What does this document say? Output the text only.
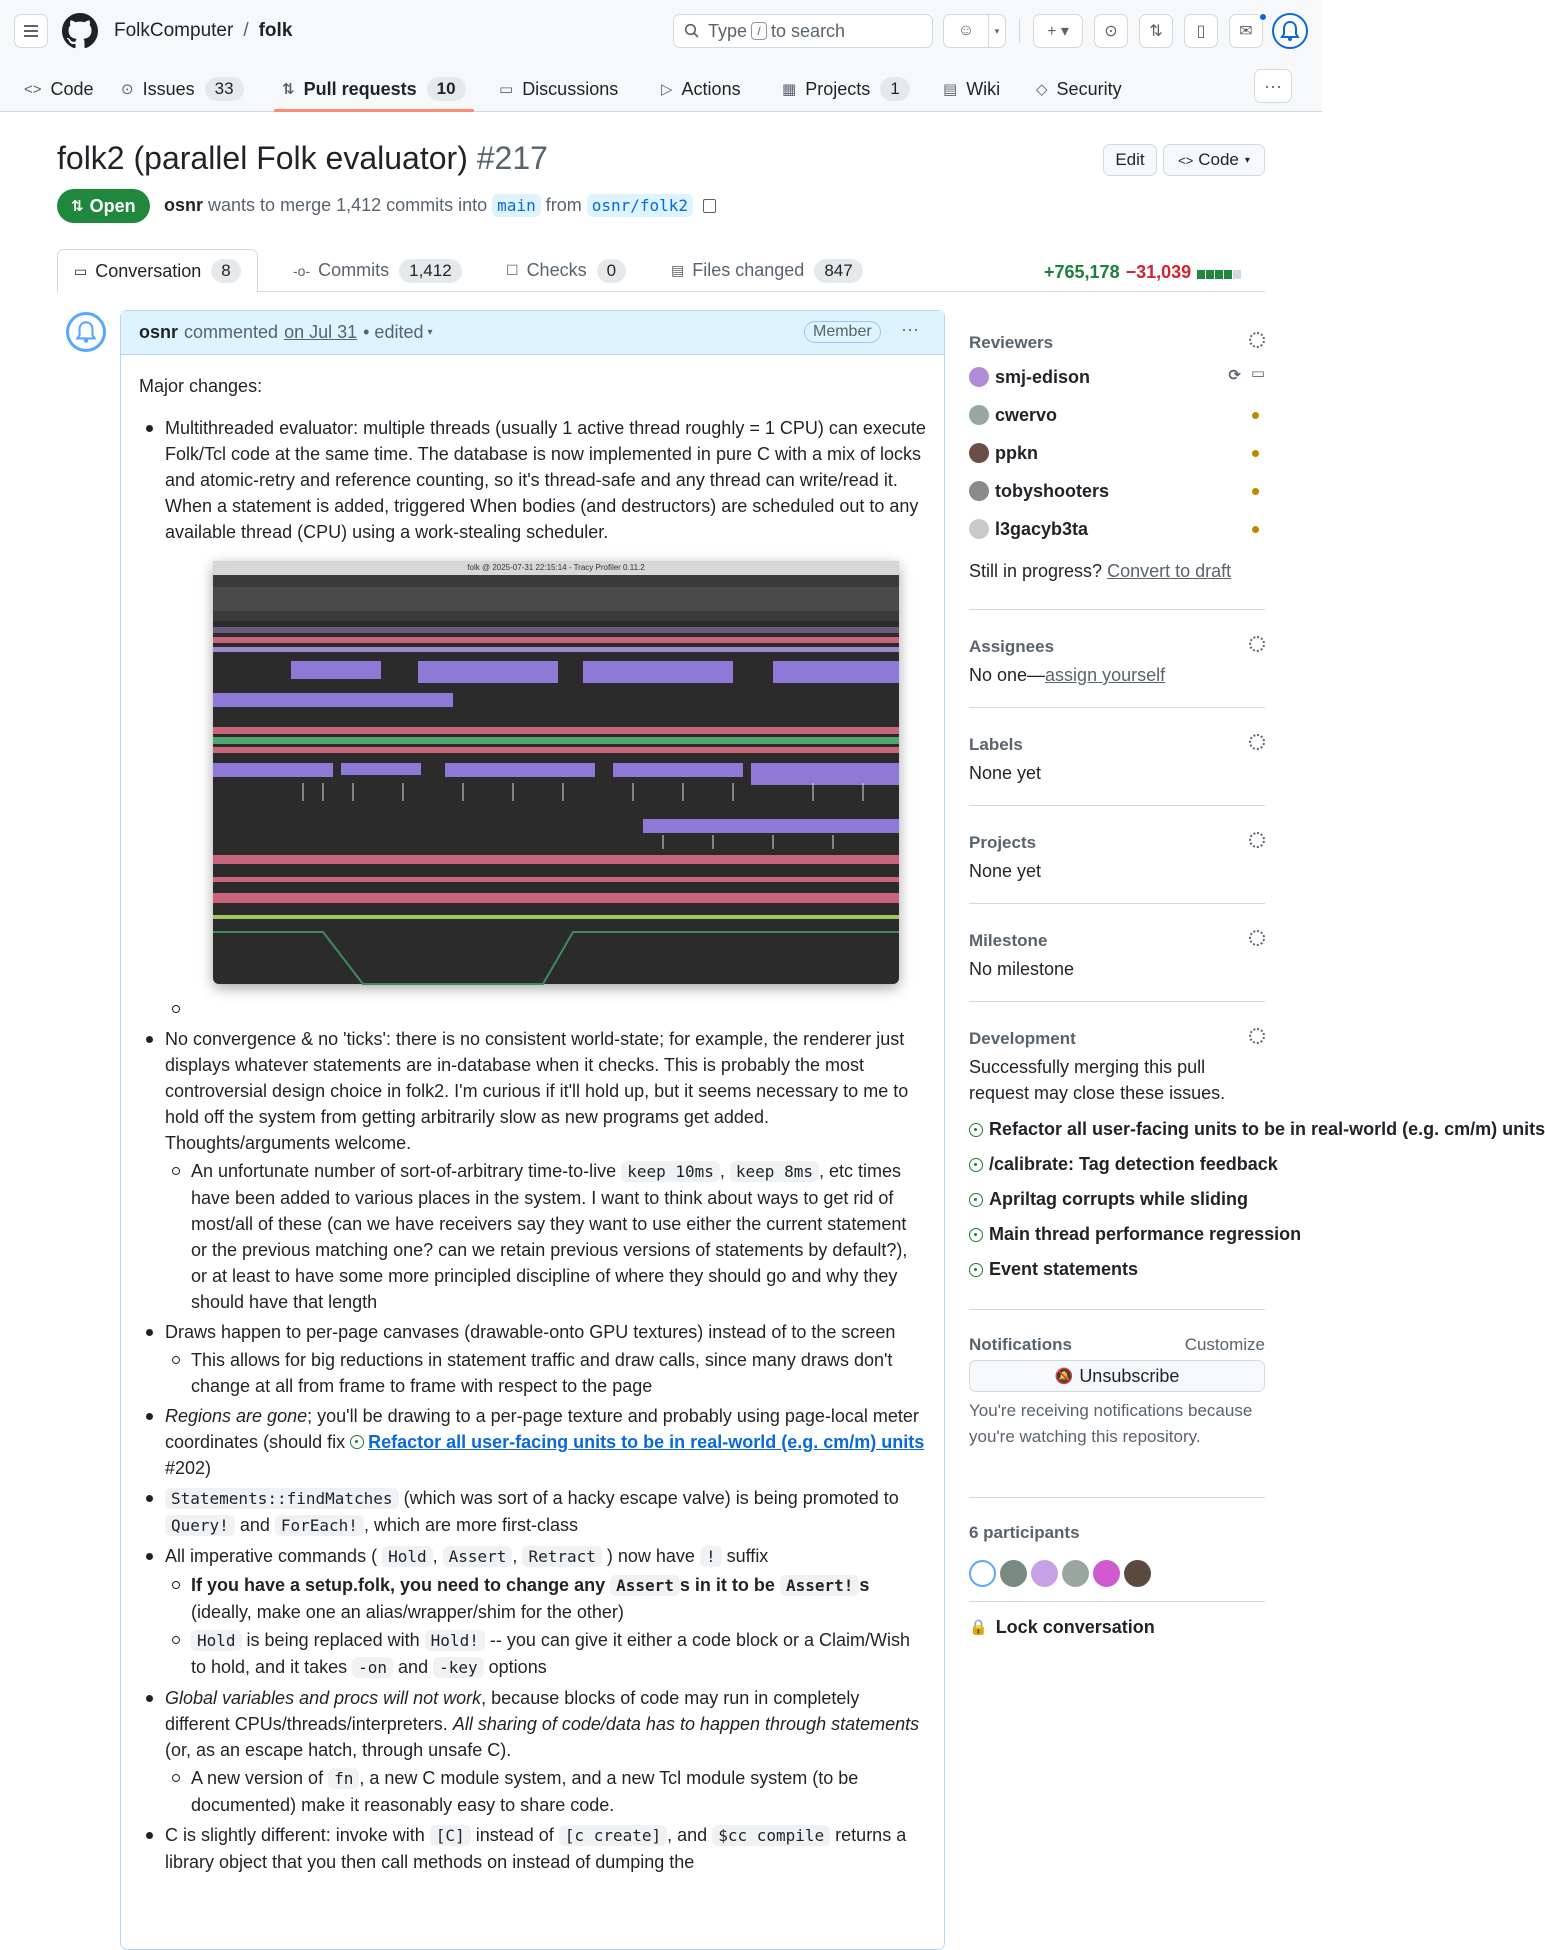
FolkComputer / folk	Type / to search	☺ ▾	+ ▾ ⊙ ⇅ ▯ ✉
<> Code ⊙ Issues	33	⇅ Pull requests	10	▭ Discussions	▷ Actions	▦ Projects	1	▤ Wiki ◇ Security	···
folk2 (parallel Folk evaluator) #217	Edit	<> Code ▾
⇅ Open osnr wants to merge 1,412 commits into main from osnr/folk2
▭ Conversation	8	-o- Commits	1,412	☐ Checks	0	▤ Files changed	847	+765,178 −31,039
osnr commented on Jul 31 • edited ▾	Member	···

Major changes:

Multithreaded evaluator: multiple threads (usually 1 active thread roughly = 1 CPU) can execute Folk/Tcl code at the same time. The database is now implemented in pure C with a mix of locks and atomic-retry and reference counting, so it's thread-safe and any thread can write/read it. When a statement is added, triggered When bodies (and destructors) are scheduled out to any available thread (CPU) using a work-stealing scheduler.
folk @ 2025-07-31 22:15:14 - Tracy Profiler 0.11.2

No convergence & no 'ticks': there is no consistent world-state; for example, the renderer just displays whatever statements are in-database when it checks. This is probably the most controversial design choice in folk2. I'm curious if it'll hold up, but it seems necessary to me to hold off the system from getting arbitrarily slow as new programs get added. Thoughts/arguments welcome.
An unfortunate number of sort-of-arbitrary time-to-live keep 10ms , keep 8ms , etc times have been added to various places in the system. I want to think about ways to get rid of most/all of these (can we have receivers say they want to use either the current statement or the previous matching one? can we retain previous versions of statements by default?), or at least to have some more principled discipline of where they should go and why they should have that length
Draws happen to per-page canvases (drawable-onto GPU textures) instead of to the screen
This allows for big reductions in statement traffic and draw calls, since many draws don't change at all from frame to frame with respect to the page
Regions are gone; you'll be drawing to a per-page texture and probably using page-local meter coordinates (should fix Refactor all user-facing units to be in real-world (e.g. cm/m) units #202)
Statements::findMatches (which was sort of a hacky escape valve) is being promoted to Query! and ForEach! , which are more first-class
All imperative commands ( Hold , Assert , Retract ) now have ! suffix
If you have a setup.folk, you need to change any Assert s in it to be Assert! s (ideally, make one an alias/wrapper/shim for the other)
Hold is being replaced with Hold! -- you can give it either a code block or a Claim/Wish to hold, and it takes -on and -key options
Global variables and procs will not work, because blocks of code may run in completely different CPUs/threads/interpreters. All sharing of code/data has to happen through statements (or, as an escape hatch, through unsafe C).
A new version of fn , a new C module system, and a new Tcl module system (to be documented) make it reasonably easy to share code.
C is slightly different: invoke with [C] instead of [c create] , and $cc compile returns a library object that you then call methods on instead of dumping the
Reviewers
smj-edison	⟳ ▭
cwervo
ppkn
tobyshooters
l3gacyb3ta
Still in progress? Convert to draft
Assignees
No one—assign yourself
Labels
None yet
Projects
None yet
Milestone
No milestone
Development
Successfully merging this pull request may close these issues.
Refactor all user-facing units to be in real-world (e.g. cm/m) units
/calibrate: Tag detection feedback
Apriltag corrupts while sliding
Main thread performance regression
Event statements
Notifications	Customize
🔕 Unsubscribe
You're receiving notifications because you're watching this repository.
6 participants
🔒 Lock conversation
